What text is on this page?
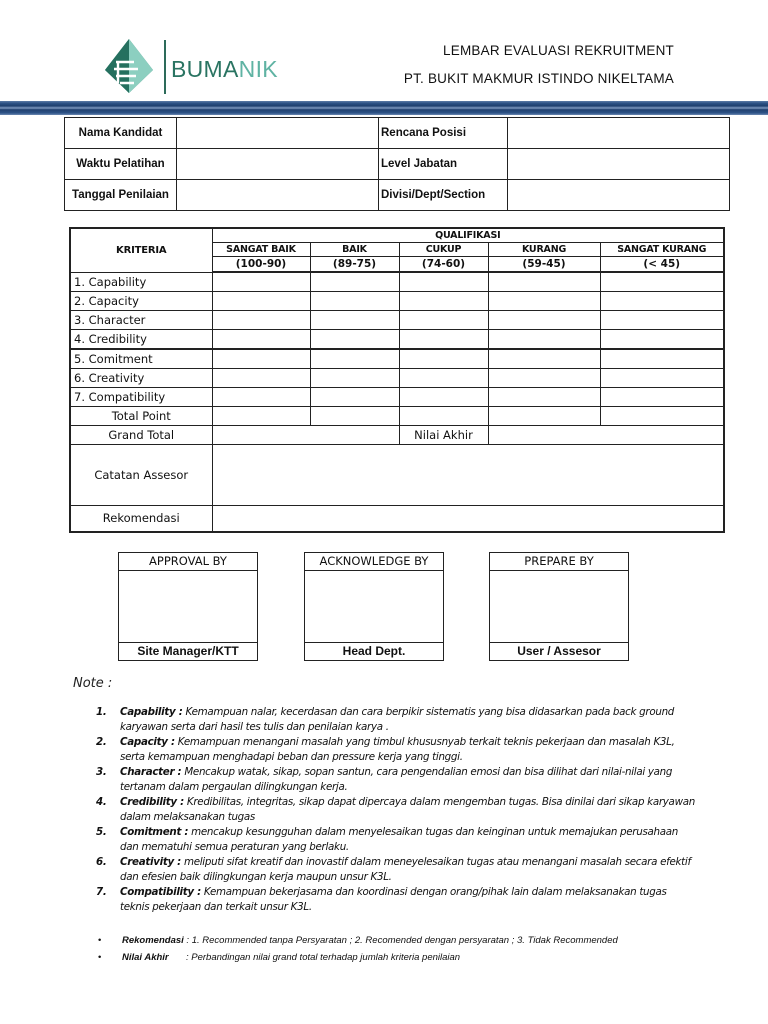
BUMANIK
LEMBAR EVALUASI REKRUITMENT
PT. BUKIT MAKMUR ISTINDO NIKELTAMA
Nama Kandidat		Rencana Posisi	
Waktu Pelatihan		Level Jabatan	
Tanggal Penilaian		Divisi/Dept/Section	
KRITERIA	QUALIFIKASI				
	SANGAT BAIK	BAIK	CUKUP	KURANG	SANGAT KURANG
	(100-90)	(89-75)	(74-60)	(59-45)	(< 45)
1. Capability					
2. Capacity					
3. Character					
4. Credibility					
5. Comitment					
6. Creativity					
7. Compatibility					
Total Point					
Grand Total			Nilai Akhir		
Catatan Assesor					
Rekomendasi					
APPROVAL BY
Site Manager/KTT
ACKNOWLEDGE BY
Head Dept.
PREPARE BY
User / Assesor
Note :
1. Capability : Kemampuan nalar, kecerdasan dan cara berpikir sistematis yang bisa didasarkan pada back ground karyawan serta dari hasil tes tulis dan penilaian karya .
2. Capacity : Kemampuan menangani masalah yang timbul khususnyab terkait teknis pekerjaan dan masalah K3L, serta kemampuan menghadapi beban dan pressure kerja yang tinggi.
3. Character : Mencakup watak, sikap, sopan santun, cara pengendalian emosi dan bisa dilihat dari nilai-nilai yang tertanam dalam pergaulan dilingkungan kerja.
4. Credibility : Kredibilitas, integritas, sikap dapat dipercaya dalam mengemban tugas. Bisa dinilai dari sikap karyawan dalam melaksanakan tugas
5. Comitment : mencakup kesungguhan dalam menyelesaikan tugas dan keinginan untuk memajukan perusahaan dan mematuhi semua peraturan yang berlaku.
6. Creativity : meliputi sifat kreatif dan inovastif dalam meneyelesaikan tugas atau menangani masalah secara efektif dan efesien baik dilingkungan kerja maupun unsur K3L.
7. Compatibility : Kemampuan bekerjasama dan koordinasi dengan orang/pihak lain dalam melaksanakan tugas teknis pekerjaan dan terkait unsur K3L.
• Rekomendasi : 1. Recommended tanpa Persyaratan ; 2. Recomended dengan persyaratan ; 3. Tidak Recommended
• Nilai Akhir : Perbandingan nilai grand total terhadap jumlah kriteria penilaian
